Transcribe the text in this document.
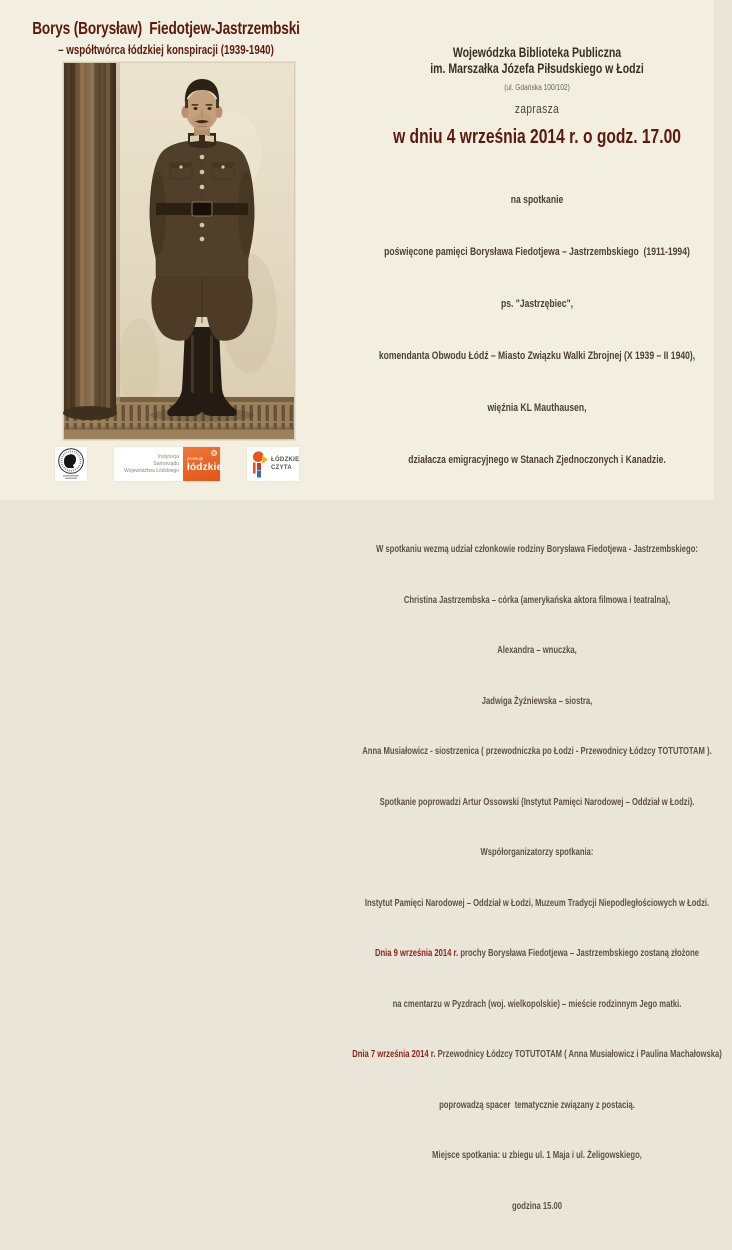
Borys (Borysław)  Fiedotjew-Jastrzembski
– współtwórca łódzkiej konspiracji (1939-1940)	Wojewódzka Biblioteka Publiczna
im. Marszałka Józefa Piłsudskiego w Łodzi
(ul. Gdańska 100/102)
zaprasza
w dniu 4 września 2014 r. o godz. 17.00

na spotkanie

poświęcone pamięci Borysława Fiedotjewa – Jastrzembskiego  (1911-1994)

ps. "Jastrzębiec",

komendanta Obwodu Łódź – Miasto Związku Walki Zbrojnej (X 1939 – II 1940),

więźnia KL Mauthausen,

działacza emigracyjnego w Stanach Zjednoczonych i Kanadzie.

W spotkaniu wezmą udział członkowie rodziny Borysława Fiedotjewa - Jastrzembskiego:

Christina Jastrzembska – córka (amerykańska aktora filmowa i teatralna),

Alexandra – wnuczka,

Jadwiga Żyźniewska – siostra,

Anna Musiałowicz - siostrzenica ( przewodniczka po Łodzi - Przewodnicy Łódzcy TOTUTOTAM ).

Spotkanie poprowadzi Artur Ossowski (Instytut Pamięci Narodowej – Oddział w Łodzi).

Współorganizatorzy spotkania:

Instytut Pamięci Narodowej – Oddział w Łodzi, Muzeum Tradycji Niepodległościowych w Łodzi.

Dnia 9 września 2014 r. prochy Borysława Fiedotjewa – Jastrzembskiego zostaną złożone

na cmentarzu w Pyzdrach (woj. wielkopolskie) – mieście rodzinnym Jego matki.

Dnia 7 września 2014 r. Przewodnicy Łódzcy TOTUTOTAM ( Anna Musiałowicz i Paulina Machałowska)

poprowadzą spacer  tematycznie związany z postacią.

Miejsce spotkania: u zbiegu ul. 1 Maja i ul. Żeligowskiego,

godzina 15.00

Instytucja
Samorządu
Województwa Łódzkiego
promuje
łódzkie
ŁÓDZKIE
CZYTA
